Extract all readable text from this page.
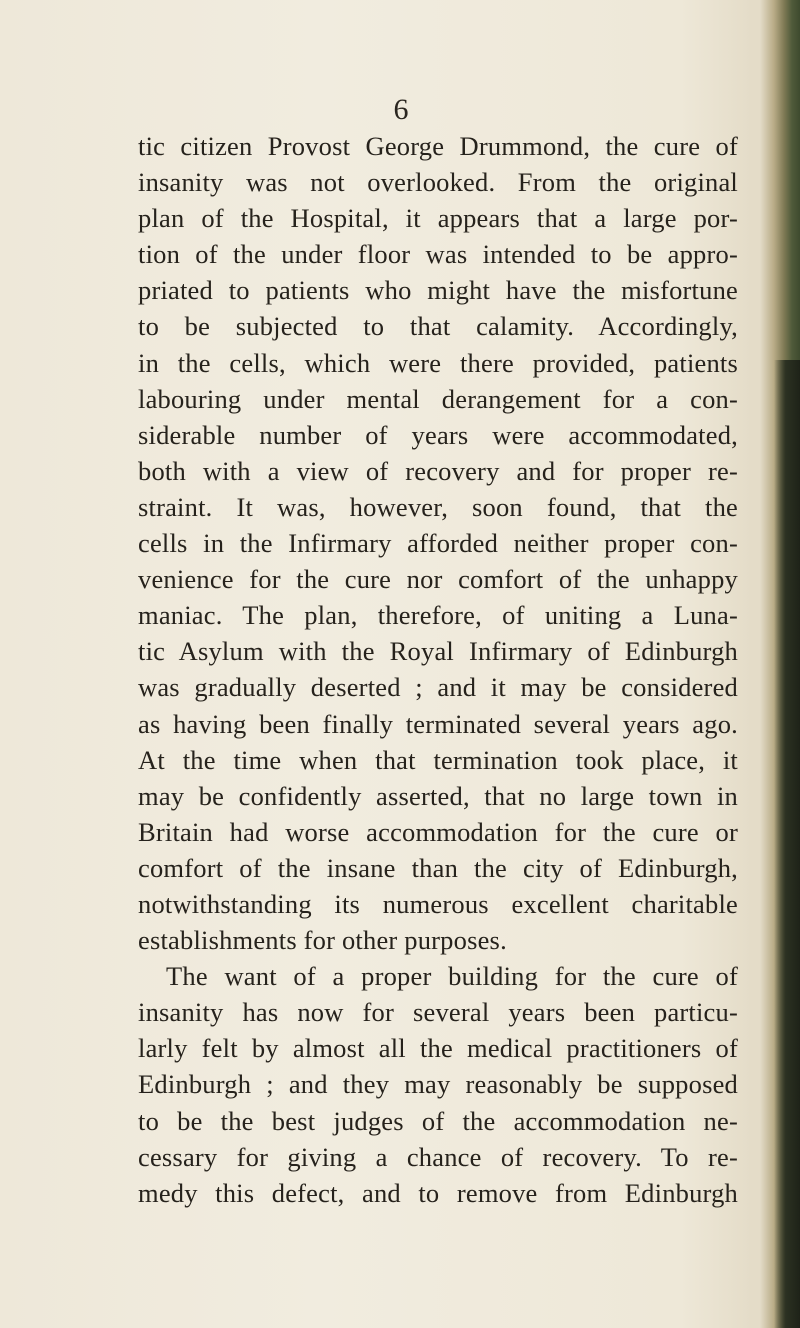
6
tic citizen Provost George Drummond, the cure of
insanity was not overlooked. From the original
plan of the Hospital, it appears that a large por-
tion of the under floor was intended to be appro-
priated to patients who might have the misfortune
to be subjected to that calamity. Accordingly,
in the cells, which were there provided, patients
labouring under mental derangement for a con-
siderable number of years were accommodated,
both with a view of recovery and for proper re-
straint. It was, however, soon found, that the
cells in the Infirmary afforded neither proper con-
venience for the cure nor comfort of the unhappy
maniac. The plan, therefore, of uniting a Luna-
tic Asylum with the Royal Infirmary of Edinburgh
was gradually deserted ; and it may be considered
as having been finally terminated several years ago.
At the time when that termination took place, it
may be confidently asserted, that no large town in
Britain had worse accommodation for the cure or
comfort of the insane than the city of Edinburgh,
notwithstanding its numerous excellent charitable
establishments for other purposes.
The want of a proper building for the cure of
insanity has now for several years been particu-
larly felt by almost all the medical practitioners of
Edinburgh ; and they may reasonably be supposed
to be the best judges of the accommodation ne-
cessary for giving a chance of recovery. To re-
medy this defect, and to remove from Edinburgh
